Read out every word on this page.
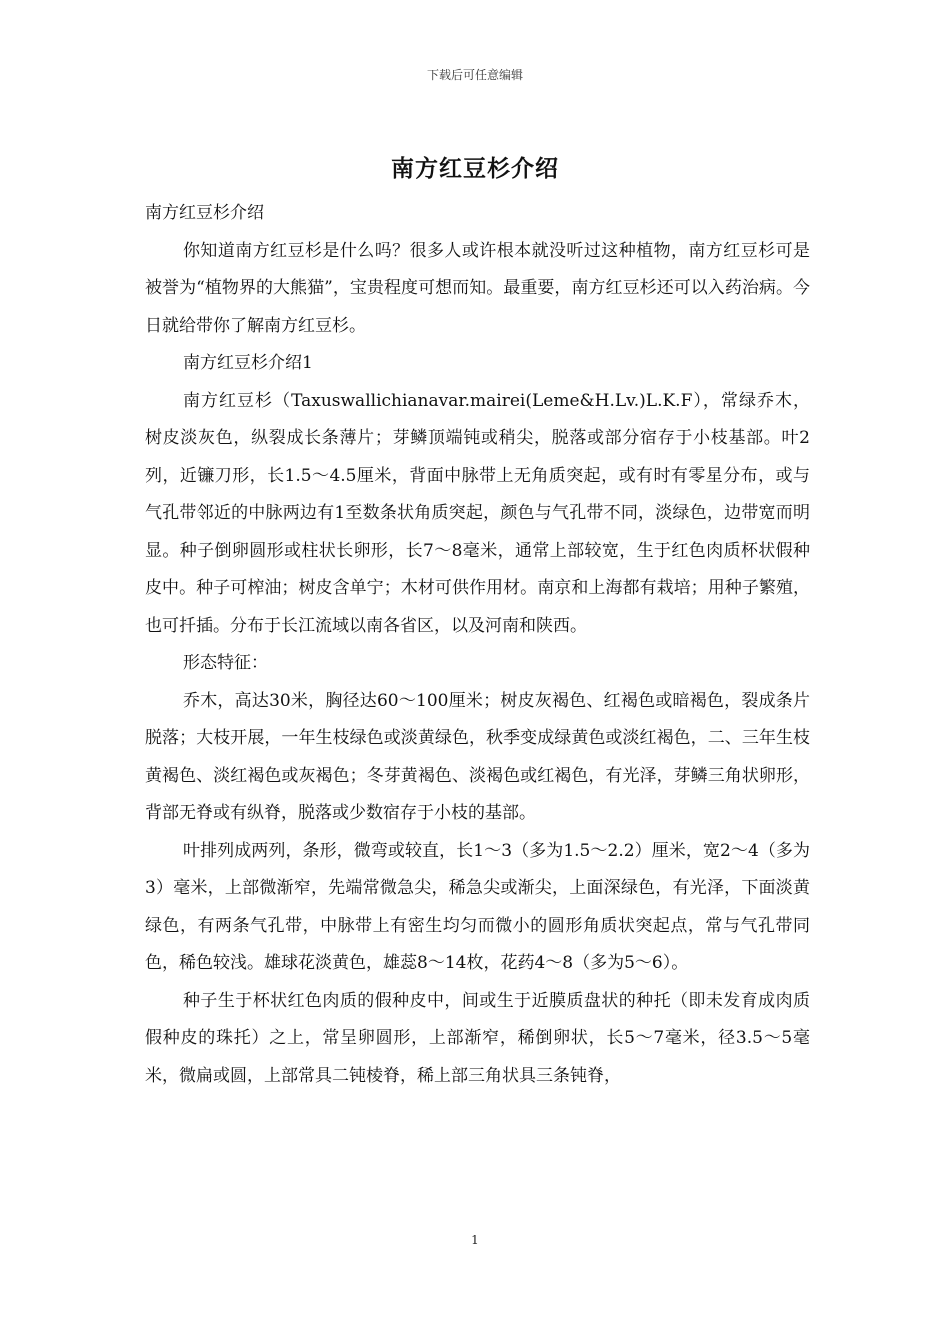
下载后可任意编辑
南方红豆杉介绍

南方红豆杉介绍

你知道南方红豆杉是什么吗？很多人或许根本就没听过这种植物，南方红豆杉可是被誉为“植物界的大熊猫”，宝贵程度可想而知。最重要，南方红豆杉还可以入药治病。今日就给带你了解南方红豆杉。

南方红豆杉介绍1

南方红豆杉（Taxuswallichianavar.mairei(Leme&H.Lv.)L.K.F），常绿乔木，树皮淡灰色，纵裂成长条薄片；芽鳞顶端钝或稍尖，脱落或部分宿存于小枝基部。叶2列，近镰刀形，长1.5～4.5厘米，背面中脉带上无角质突起，或有时有零星分布，或与气孔带邻近的中脉两边有1至数条状角质突起，颜色与气孔带不同，淡绿色，边带宽而明显。种子倒卵圆形或柱状长卵形，长7～8毫米，通常上部较宽，生于红色肉质杯状假种皮中。种子可榨油；树皮含单宁；木材可供作用材。南京和上海都有栽培；用种子繁殖，也可扦插。分布于长江流域以南各省区，以及河南和陕西。

形态特征：

乔木，高达30米，胸径达60～100厘米；树皮灰褐色、红褐色或暗褐色，裂成条片脱落；大枝开展，一年生枝绿色或淡黄绿色，秋季变成绿黄色或淡红褐色，二、三年生枝黄褐色、淡红褐色或灰褐色；冬芽黄褐色、淡褐色或红褐色，有光泽，芽鳞三角状卵形，背部无脊或有纵脊，脱落或少数宿存于小枝的基部。

叶排列成两列，条形，微弯或较直，长1～3（多为1.5～2.2）厘米，宽2～4（多为3）毫米，上部微渐窄，先端常微急尖，稀急尖或渐尖，上面深绿色，有光泽，下面淡黄绿色，有两条气孔带，中脉带上有密生均匀而微小的圆形角质状突起点，常与气孔带同色，稀色较浅。雄球花淡黄色，雄蕊8～14枚，花药4～8（多为5～6）。

种子生于杯状红色肉质的假种皮中，间或生于近膜质盘状的种托（即未发育成肉质假种皮的珠托）之上，常呈卵圆形，上部渐窄，稀倒卵状，长5～7毫米，径3.5～5毫米，微扁或圆，上部常具二钝棱脊，稀上部三角状具三条钝脊，

1
